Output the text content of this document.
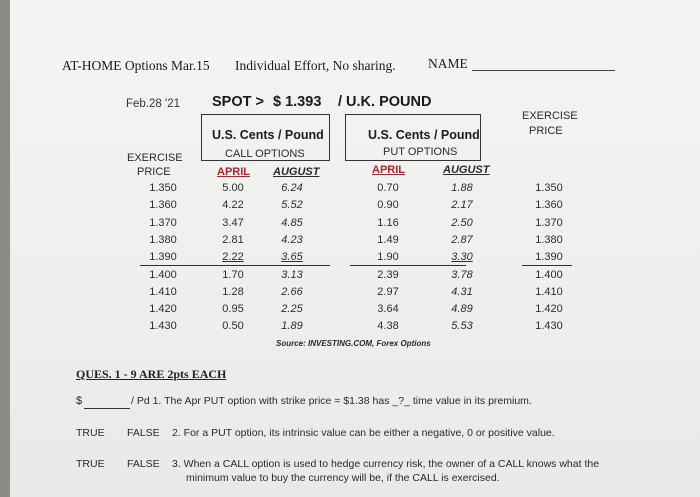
AT-HOME Options Mar.15 Individual Effort, No sharing. NAME
Feb.28 '21 SPOT > $ 1.393 / U.K. POUND
EXERCISE
PRICE
EXERCISE
PRICE
U.S. Cents / Pound
CALL OPTIONS
APRIL AUGUST
U.S. Cents / Pound
PUT OPTIONS
APRIL	AUGUST
1.350	5.00	6.24	0.70	1.88	1.350
1.360	4.22	5.52	0.90	2.17	1.360
1.370	3.47	4.85	1.16	2.50	1.370
1.380	2.81	4.23	1.49	2.87	1.380
1.390	2.22	3.65	1.90	3.30	1.390
1.400	1.70	3.13	2.39	3.78	1.400
1.410	1.28	2.66	2.97	4.31	1.410
1.420	0.95	2.25	3.64	4.89	1.420
1.430	0.50	1.89	4.38	5.53	1.430
Source: INVESTING.COM, Forex Options
QUES. 1 - 9 ARE 2pts EACH
$	/ Pd 1. The Apr PUT option with strike price = $1.38 has _?_ time value in its premium.
TRUE FALSE 2. For a PUT option, its intrinsic value can be either a negative, 0 or positive value.
TRUE FALSE 3. When a CALL option is used to hedge currency risk, the owner of a CALL knows what the
minimum value to buy the currency will be, if the CALL is exercised.
